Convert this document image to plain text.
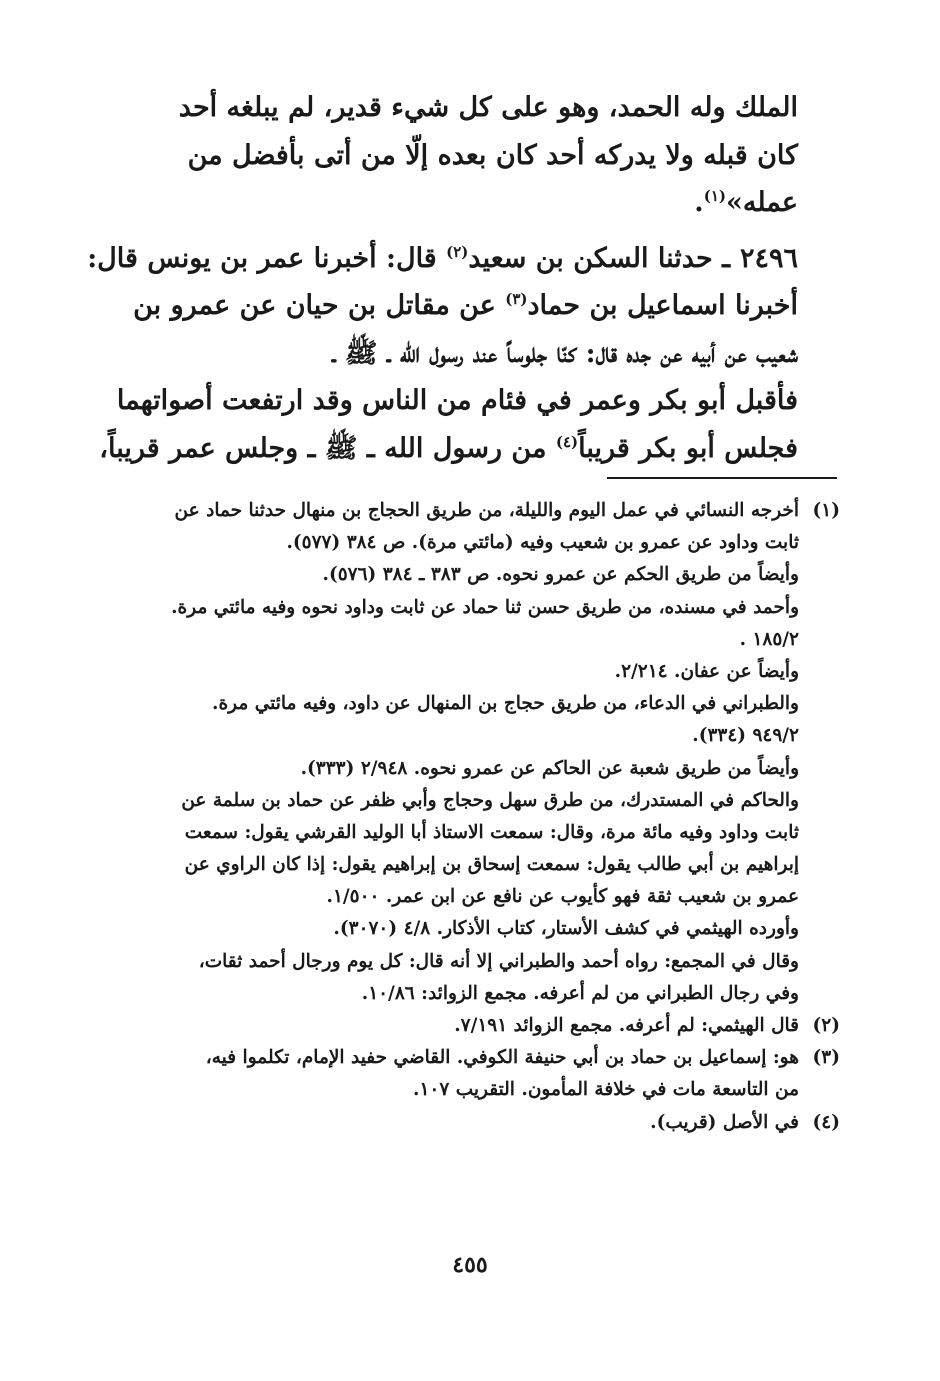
الملك وله الحمد، وهو على كل شيء قدير، لم يبلغه أحد
كان قبله ولا يدركه أحد كان بعده إلّا من أتى بأفضل من
عمله»$^{(١)}$.
٢٤٩٦ـ حدثنا السكن بن سعيد$^{(٢)}$ قال: أخبرنا عمر بن يونس قال:
أخبرنا اسماعيل بن حماد$^{(٣)}$ عن مقاتل بن حيان عن عمرو بن
شعيب عن أبيه عن جده قال: كنّا جلوساً عند رسول الله ـ ﷺ ـ
فأقبل أبو بكر وعمر في فئام من الناس وقد ارتفعت أصواتهما
فجلس أبو بكر قريباً$^{(٤)}$ من رسول الله ـ ﷺ ـ وجلس عمر قريباً،
(١)أخرجه النسائي في عمل اليوم والليلة، من طريق الحجاج بن منهال حدثنا حماد عن
ثابت وداود عن عمرو بن شعيب وفيه (مائتي مرة). ص ٣٨٤ (٥٧٧).
وأيضاً من طريق الحكم عن عمرو نحوه. ص ٣٨٣ ـ ٣٨٤ (٥٧٦).
وأحمد في مسنده، من طريق حسن ثنا حماد عن ثابت وداود نحوه وفيه مائتي مرة.
١٨٥/٢ .
وأيضاً عن عفان. ٢/٢١٤.
والطبراني في الدعاء، من طريق حجاج بن المنهال عن داود، وفيه مائتي مرة.
٩٤٩/٢ (٣٣٤).
وأيضاً من طريق شعبة عن الحاكم عن عمرو نحوه. ٢/٩٤٨ (٣٣٣).
والحاكم في المستدرك، من طرق سهل وحجاج وأبي ظفر عن حماد بن سلمة عن
ثابت وداود وفيه مائة مرة، وقال: سمعت الاستاذ أبا الوليد القرشي يقول: سمعت
إبراهيم بن أبي طالب يقول: سمعت إسحاق بن إبراهيم يقول: إذا كان الراوي عن
عمرو بن شعيب ثقة فهو كأيوب عن نافع عن ابن عمر. ١/٥٠٠.
وأورده الهيثمي في كشف الأستار، كتاب الأذكار. ٤/٨ (٣٠٧٠).
وقال في المجمع: رواه أحمد والطبراني إلا أنه قال: كل يوم ورجال أحمد ثقات،
وفي رجال الطبراني من لم أعرفه. مجمع الزوائد: ١٠/٨٦.
(٢)قال الهيثمي: لم أعرفه. مجمع الزوائد ٧/١٩١.
(٣)هو: إسماعيل بن حماد بن أبي حنيفة الكوفي. القاضي حفيد الإمام، تكلموا فيه،
من التاسعة مات في خلافة المأمون. التقريب ١٠٧.
(٤)في الأصل (قريب).
٤٥٥
